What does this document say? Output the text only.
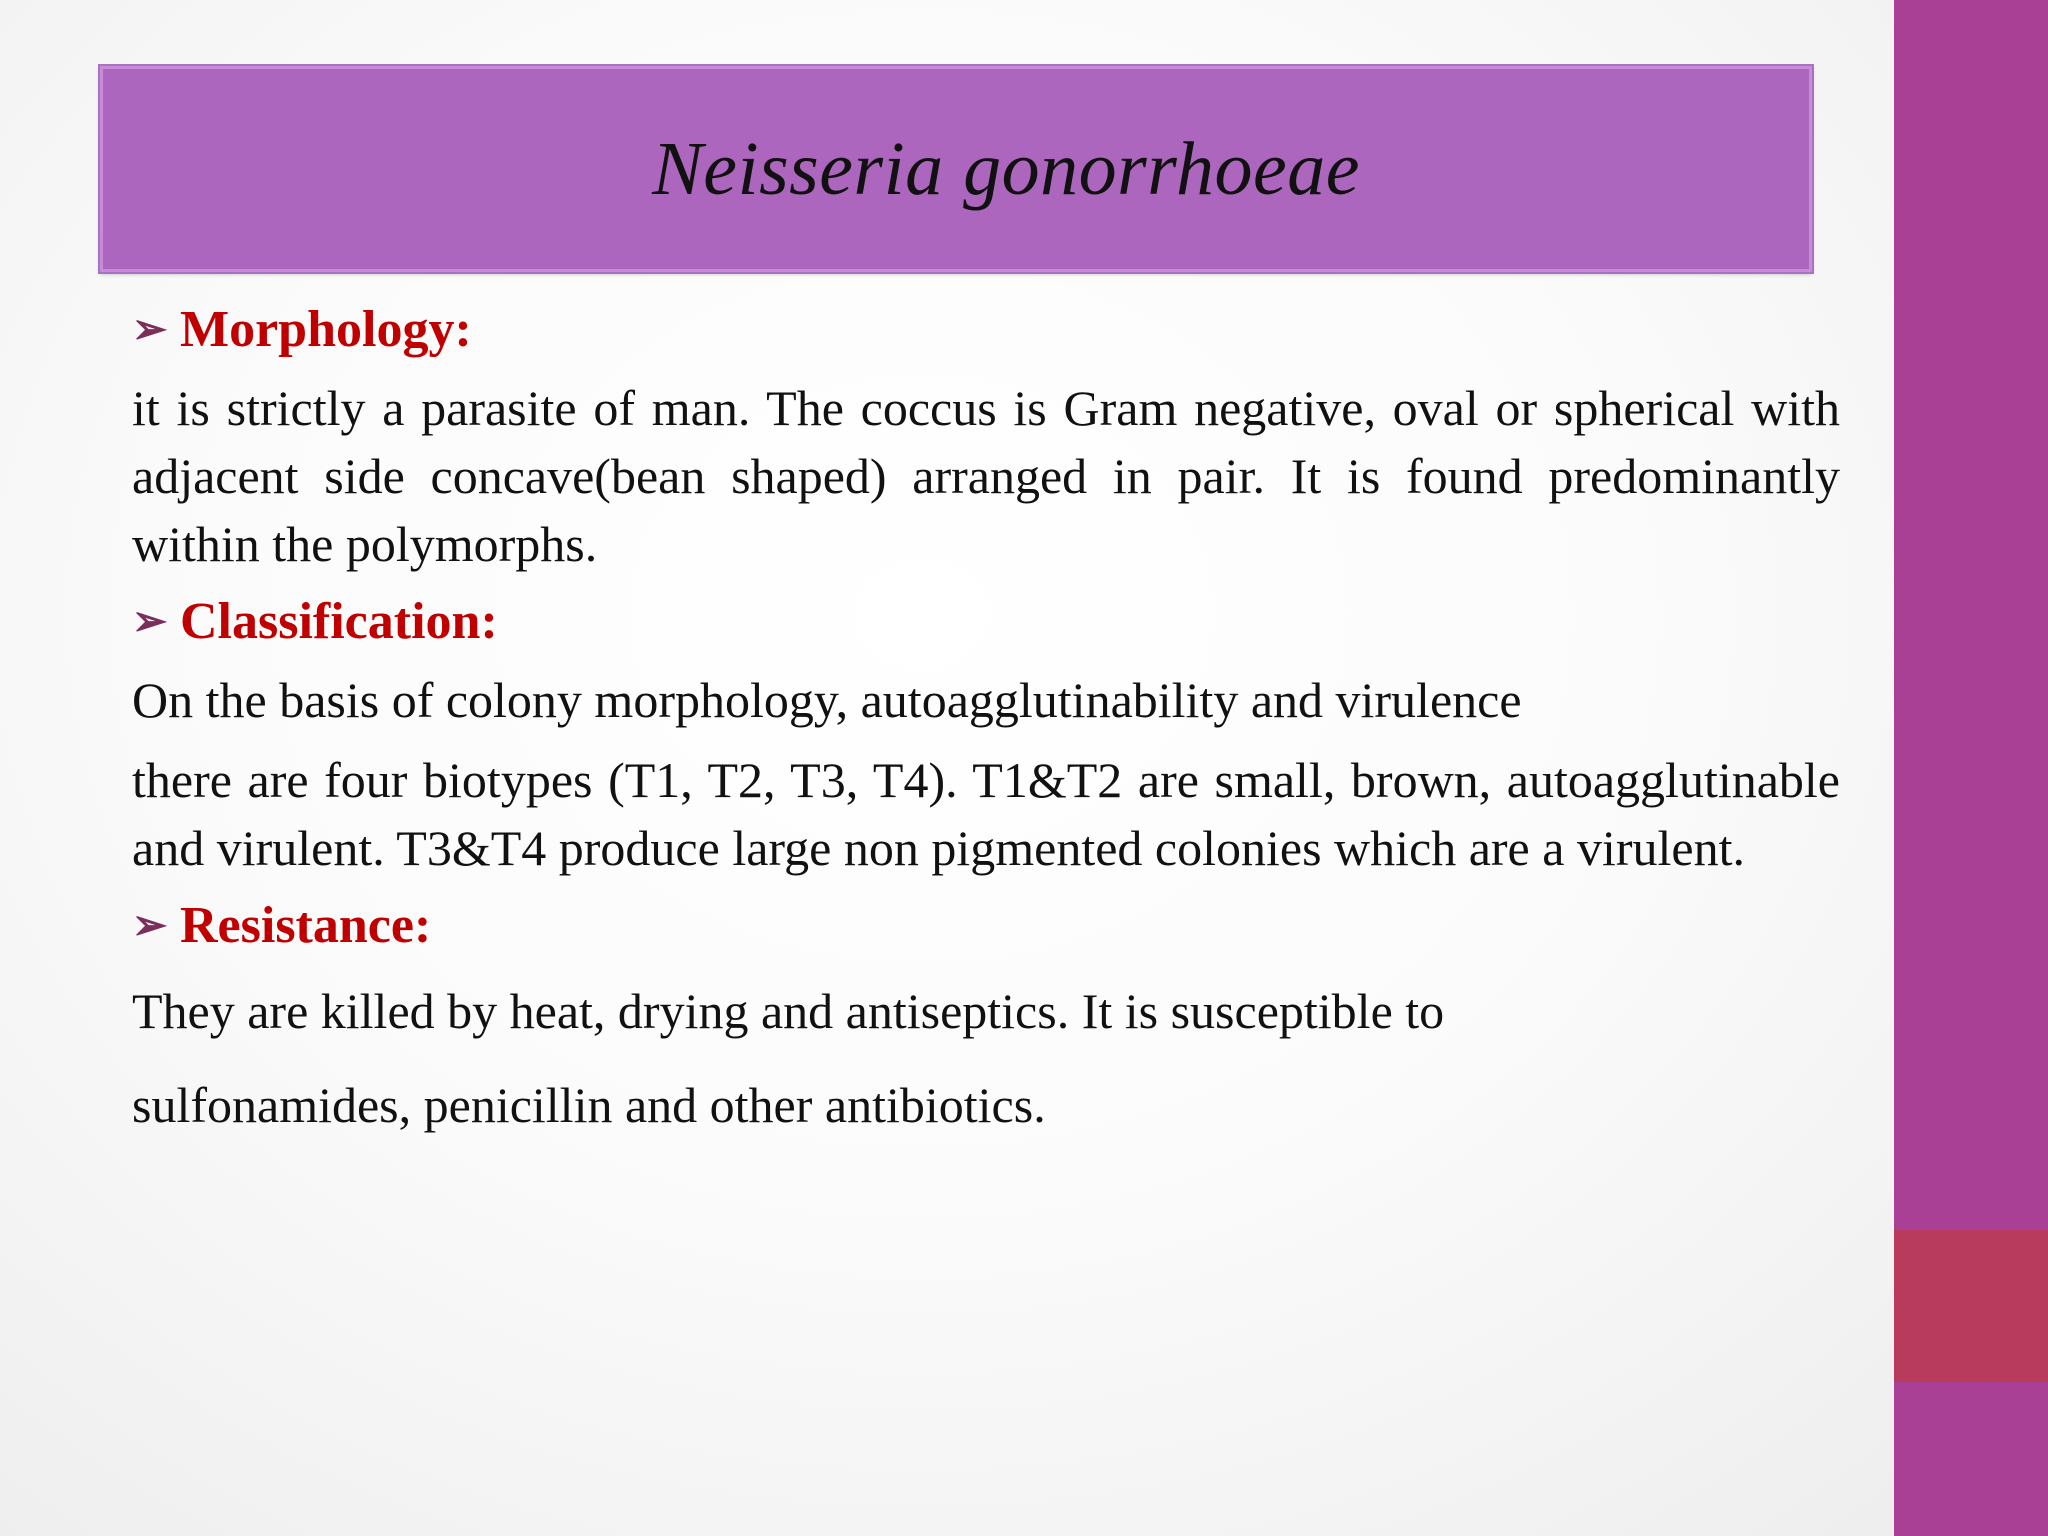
Neisseria gonorrhoeae
➢ Morphology:
it is strictly a parasite of man. The coccus is Gram negative, oval or spherical with adjacent side concave(bean shaped) arranged in pair. It is found predominantly within the polymorphs.
➢ Classification:
On the basis of colony morphology, autoagglutinability and virulence
there are four biotypes (T1, T2, T3, T4). T1&T2 are small, brown, autoagglutinable and virulent. T3&T4 produce large non pigmented colonies which are a virulent.
➢ Resistance:
They are killed by heat, drying and antiseptics. It is susceptible to
sulfonamides, penicillin and other antibiotics.
